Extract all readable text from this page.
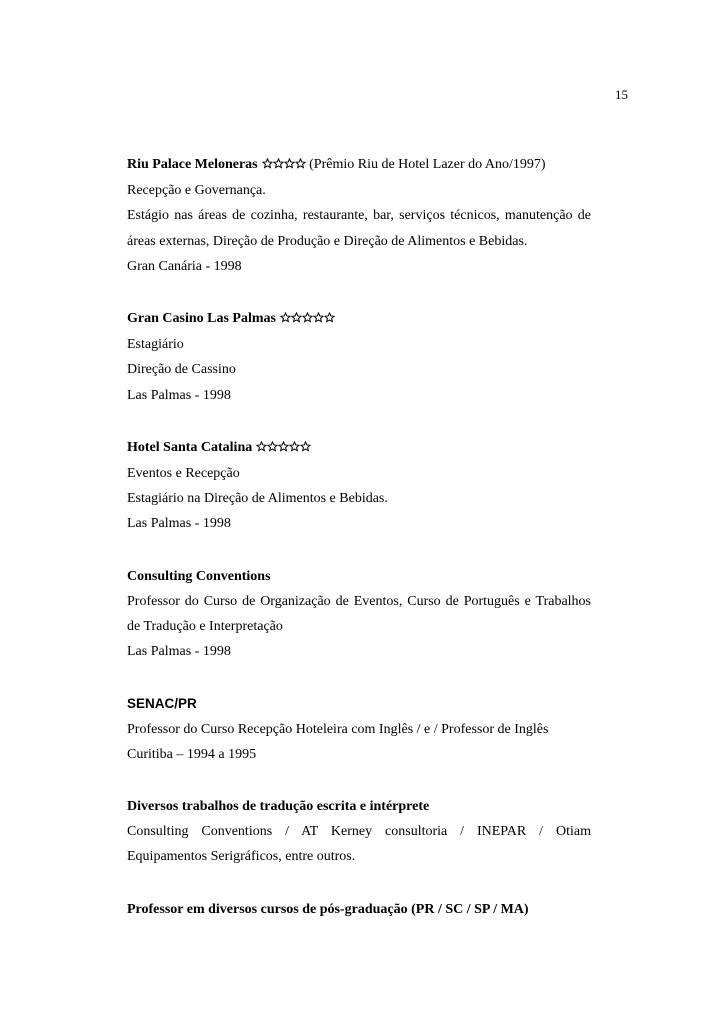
15
Riu Palace Meloneras	(Prêmio Riu de Hotel Lazer do Ano/1997)
Recepção e Governança.
Estágio nas áreas de cozinha, restaurante, bar, serviços técnicos, manutenção de
áreas externas, Direção de Produção e Direção de Alimentos e Bebidas.
Gran Canária - 1998
Gran Casino Las Palmas
Estagiário
Direção de Cassino
Las Palmas - 1998
Hotel Santa Catalina
Eventos e Recepção
Estagiário na Direção de Alimentos e Bebidas.
Las Palmas - 1998
Consulting Conventions
Professor do Curso de Organização de Eventos, Curso de Português e Trabalhos
de Tradução e Interpretação
Las Palmas - 1998
SENAC/PR
Professor do Curso Recepção Hoteleira com Inglês / e / Professor de Inglês
Curitiba – 1994 a 1995
Diversos trabalhos de tradução escrita e intérprete
Consulting Conventions / AT Kerney consultoria / INEPAR / Otiam
Equipamentos Serigráficos, entre outros.
Professor em diversos cursos de pós-graduação (PR / SC / SP / MA)
